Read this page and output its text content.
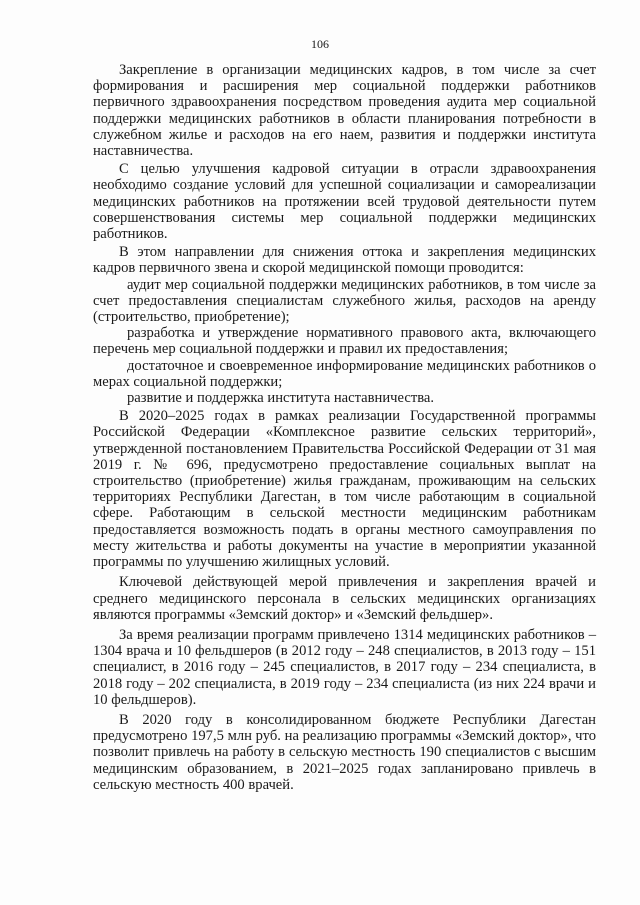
106

Закрепление в организации медицинских кадров, в том числе за счет формирования и расширения мер социальной поддержки работников первичного здравоохранения посредством проведения аудита мер социальной поддержки медицинских работников в области планирования потребности в служебном жилье и расходов на его наем, развития и поддержки института наставничества.

С целью улучшения кадровой ситуации в отрасли здравоохранения необходимо создание условий для успешной социализации и самореализации медицинских работников на протяжении всей трудовой деятельности путем совершенствования системы мер социальной поддержки медицинских работников.

В этом направлении для снижения оттока и закрепления медицинских кадров первичного звена и скорой медицинской помощи проводится:

аудит мер социальной поддержки медицинских работников, в том числе за счет предоставления специалистам служебного жилья, расходов на аренду (строительство, приобретение);

разработка и утверждение нормативного правового акта, включающего перечень мер социальной поддержки и правил их предоставления;

достаточное и своевременное информирование медицинских работников о мерах социальной поддержки;

развитие и поддержка института наставничества.

В 2020–2025 годах в рамках реализации Государственной программы Российской Федерации «Комплексное развитие сельских территорий», утвержденной постановлением Правительства Российской Федерации от 31 мая 2019 г. № 696, предусмотрено предоставление социальных выплат на строительство (приобретение) жилья гражданам, проживающим на сельских территориях Республики Дагестан, в том числе работающим в социальной сфере. Работающим в сельской местности медицинским работникам предоставляется возможность подать в органы местного самоуправления по месту жительства и работы документы на участие в мероприятии указанной программы по улучшению жилищных условий.

Ключевой действующей мерой привлечения и закрепления врачей и среднего медицинского персонала в сельских медицинских организациях являются программы «Земский доктор» и «Земский фельдшер».

За время реализации программ привлечено 1314 медицинских работников – 1304 врача и 10 фельдшеров (в 2012 году – 248 специалистов, в 2013 году – 151 специалист, в 2016 году – 245 специалистов, в 2017 году – 234 специалиста, в 2018 году – 202 специалиста, в 2019 году – 234 специалиста (из них 224 врачи и 10 фельдшеров).

В 2020 году в консолидированном бюджете Республики Дагестан предусмотрено 197,5 млн руб. на реализацию программы «Земский доктор», что позволит привлечь на работу в сельскую местность 190 специалистов с высшим медицинским образованием, в 2021–2025 годах запланировано привлечь в сельскую местность 400 врачей.
